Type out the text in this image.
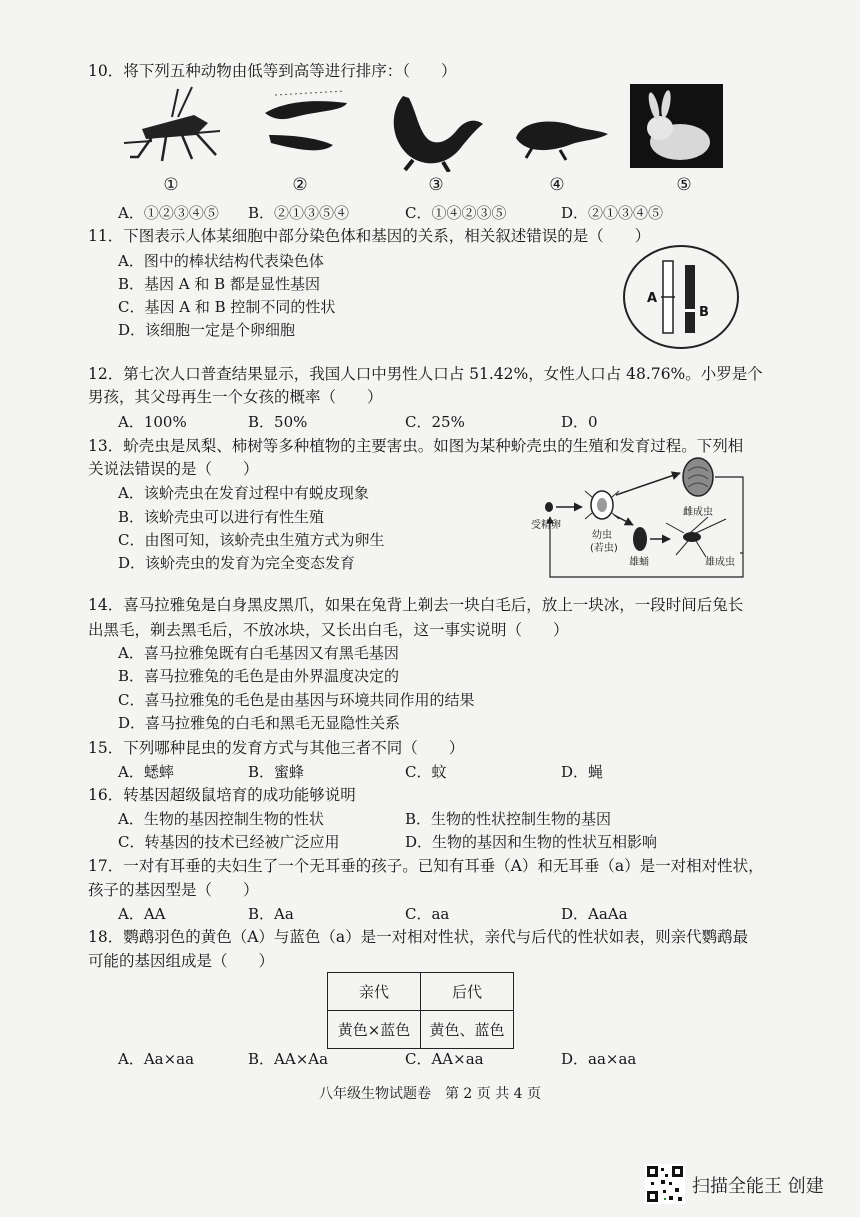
10．将下列五种动物由低等到高等进行排序：（　　）
①	②	③	④	⑤
A．①②③④⑤ B．②①③⑤④	C．①④②③⑤	D．②①③④⑤
11．下图表示人体某细胞中部分染色体和基因的关系，相关叙述错误的是（　　）
A．图中的棒状结构代表染色体
B．基因 A 和 B 都是显性基因
C．基因 A 和 B 控制不同的性状
D．该细胞一定是个卵细胞
A
B
12．第七次人口普查结果显示，我国人口中男性人口占 51.42%，女性人口占 48.76%。小罗是个
男孩，其父母再生一个女孩的概率（　　）
A．100%	B．50%	C．25%	D．0
13．蚧壳虫是凤梨、柿树等多种植物的主要害虫。如图为某种蚧壳虫的生殖和发育过程。下列相
关说法错误的是（　　）
A．该蚧壳虫在发育过程中有蜕皮现象
B．该蚧壳虫可以进行有性生殖
C．由图可知，该蚧壳虫生殖方式为卵生
D．该蚧壳虫的发育为完全变态发育
受精卵
幼虫
(若虫)
雌成虫
雄蛹	雄成虫
14．喜马拉雅兔是白身黑皮黑爪，如果在兔背上剃去一块白毛后，放上一块冰，一段时间后兔长
出黑毛，剃去黑毛后，不放冰块，又长出白毛，这一事实说明（　　）
A．喜马拉雅兔既有白毛基因又有黑毛基因
B．喜马拉雅兔的毛色是由外界温度决定的
C．喜马拉雅兔的毛色是由基因与环境共同作用的结果
D．喜马拉雅兔的白毛和黑毛无显隐性关系
15．下列哪种昆虫的发育方式与其他三者不同（　　）
A．蟋蟀	B．蜜蜂	C．蚊	D．蝇
16．转基因超级鼠培育的成功能够说明
A．生物的基因控制生物的性状	B．生物的性状控制生物的基因
C．转基因的技术已经被广泛应用	D．生物的基因和生物的性状互相影响
17．一对有耳垂的夫妇生了一个无耳垂的孩子。已知有耳垂（A）和无耳垂（a）是一对相对性状，
孩子的基因型是（　　）
A．AA	B．Aa	C．aa	D．AaAa
18．鹦鹉羽色的黄色（A）与蓝色（a）是一对相对性状，亲代与后代的性状如表，则亲代鹦鹉最
可能的基因组成是（　　）
亲代	后代
黄色×蓝色	黄色、蓝色
A．Aa×aa	B．AA×Aa	C．AA×aa	D．aa×aa
八年级生物试题卷　第 2 页 共 4 页
扫描全能王 创建
